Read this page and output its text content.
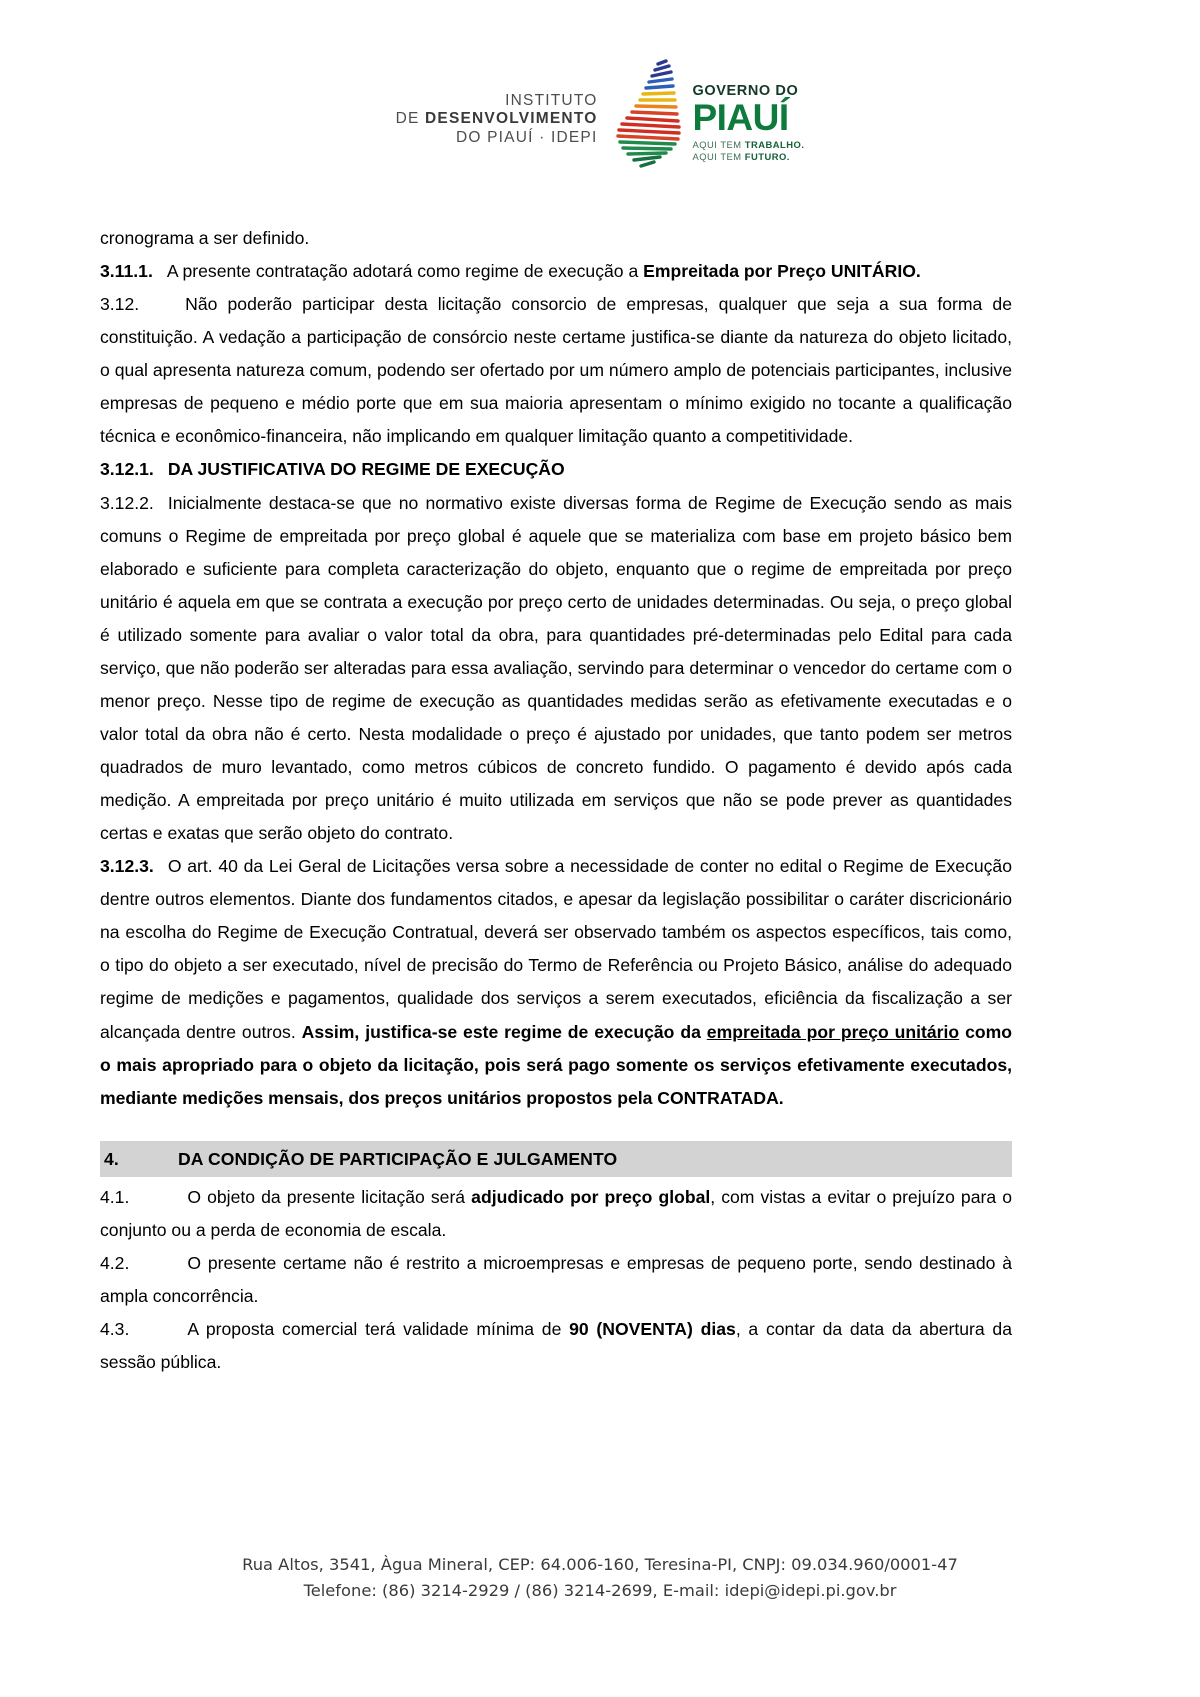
INSTITUTO
DE DESENVOLVIMENTO
DO PIAUÍ · IDEPI
GOVERNO DO
PIAUÍ
AQUI TEM TRABALHO.
AQUI TEM FUTURO.

cronograma a ser definido.

3.11.1. A presente contratação adotará como regime de execução a Empreitada por Preço UNITÁRIO.

3.12.	Não poderão participar desta licitação consorcio de empresas, qualquer que seja a sua forma de constituição. A vedação a participação de consórcio neste certame justifica-se diante da natureza do objeto licitado, o qual apresenta natureza comum, podendo ser ofertado por um número amplo de potenciais participantes, inclusive empresas de pequeno e médio porte que em sua maioria apresentam o mínimo exigido no tocante a qualificação técnica e econômico-financeira, não implicando em qualquer limitação quanto a competitividade.

3.12.1. DA JUSTIFICATIVA DO REGIME DE EXECUÇÃO

3.12.2. Inicialmente destaca-se que no normativo existe diversas forma de Regime de Execução sendo as mais comuns o Regime de empreitada por preço global é aquele que se materializa com base em projeto básico bem elaborado e suficiente para completa caracterização do objeto, enquanto que o regime de empreitada por preço unitário é aquela em que se contrata a execução por preço certo de unidades determinadas. Ou seja, o preço global é utilizado somente para avaliar o valor total da obra, para quantidades pré-determinadas pelo Edital para cada serviço, que não poderão ser alteradas para essa avaliação, servindo para determinar o vencedor do certame com o menor preço. Nesse tipo de regime de execução as quantidades medidas serão as efetivamente executadas e o valor total da obra não é certo. Nesta modalidade o preço é ajustado por unidades, que tanto podem ser metros quadrados de muro levantado, como metros cúbicos de concreto fundido. O pagamento é devido após cada medição. A empreitada por preço unitário é muito utilizada em serviços que não se pode prever as quantidades certas e exatas que serão objeto do contrato.

3.12.3. O art. 40 da Lei Geral de Licitações versa sobre a necessidade de conter no edital o Regime de Execução dentre outros elementos. Diante dos fundamentos citados, e apesar da legislação possibilitar o caráter discricionário na escolha do Regime de Execução Contratual, deverá ser observado também os aspectos específicos, tais como, o tipo do objeto a ser executado, nível de precisão do Termo de Referência ou Projeto Básico, análise do adequado regime de medições e pagamentos, qualidade dos serviços a serem executados, eficiência da fiscalização a ser alcançada dentre outros. Assim, justifica-se este regime de execução da empreitada por preço unitário como o mais apropriado para o objeto da licitação, pois será pago somente os serviços efetivamente executados, mediante medições mensais, dos preços unitários propostos pela CONTRATADA.

4.	DA CONDIÇÃO DE PARTICIPAÇÃO E JULGAMENTO

4.1.	O objeto da presente licitação será adjudicado por preço global, com vistas a evitar o prejuízo para o conjunto ou a perda de economia de escala.

4.2.	O presente certame não é restrito a microempresas e empresas de pequeno porte, sendo destinado à ampla concorrência.

4.3.	A proposta comercial terá validade mínima de 90 (NOVENTA) dias, a contar da data da abertura da sessão pública.

Rua Altos, 3541, Àgua Mineral, CEP: 64.006-160, Teresina-PI, CNPJ: 09.034.960/0001-47
Telefone: (86) 3214-2929 / (86) 3214-2699, E-mail: idepi@idepi.pi.gov.br
